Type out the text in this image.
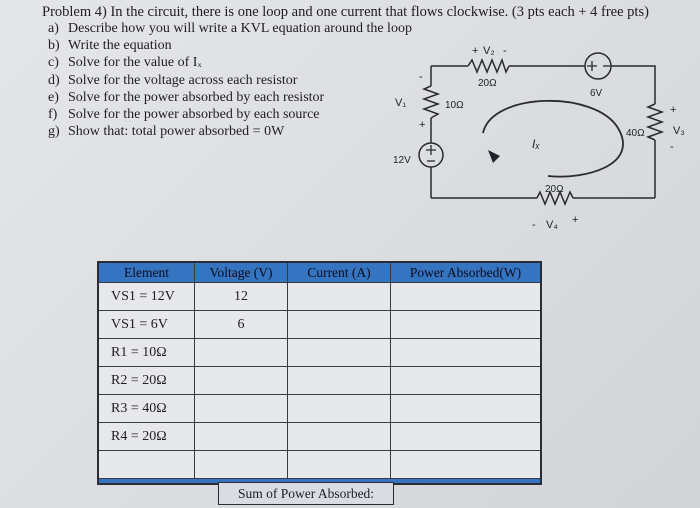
Problem 4) In the circuit, there is one loop and one current that flows clockwise. (3 pts each + 4 free pts)
a) Describe how you will write a KVL equation around the loop
b) Write the equation
c) Solve for the value of Iₓ
d) Solve for the voltage across each resistor
e) Solve for the power absorbed by each resistor
f) Solve for the power absorbed by each source
g) Show that: total power absorbed = 0W
12V
6V
10Ω
20Ω
40Ω
20Ω
V₁
V₂
V₃
V₄
-
+
+ -
+
-
-	+
Iₓ
Element	Voltage (V)	Current (A)	Power Absorbed(W)
VS1 = 12V	12
VS1 = 6V	6
R1 = 10Ω
R2 = 20Ω
R3 = 40Ω
R4 = 20Ω
Sum of Power Absorbed:
